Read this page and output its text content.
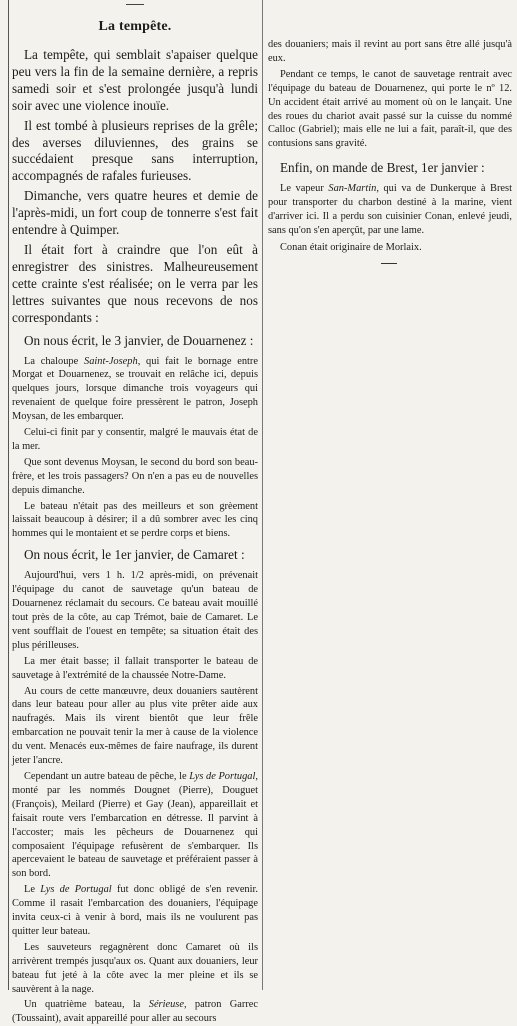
La tempête.

La tempête, qui semblait s'apaiser quelque peu vers la fin de la semaine dernière, a repris samedi soir et s'est prolongée jusqu'à lundi soir avec une violence inouïe.

Il est tombé à plusieurs reprises de la grêle; des averses diluviennes, des grains se succédaient presque sans interruption, accompagnés de rafales furieuses.

Dimanche, vers quatre heures et demie de l'après-midi, un fort coup de tonnerre s'est fait entendre à Quimper.

Il était fort à craindre que l'on eût à enregistrer des sinistres. Malheureusement cette crainte s'est réalisée; on le verra par les lettres suivantes que nous recevons de nos correspondants :

On nous écrit, le 3 janvier, de Douarnenez :

La chaloupe Saint-Joseph, qui fait le bornage entre Morgat et Douarnenez, se trouvait en relâche ici, depuis quelques jours, lorsque dimanche trois voyageurs qui revenaient de quelque foire pressèrent le patron, Joseph Moysan, de les embarquer.

Celui-ci finit par y consentir, malgré le mauvais état de la mer.

Que sont devenus Moysan, le second du bord son beau-frère, et les trois passagers? On n'en a pas eu de nouvelles depuis dimanche.

Le bateau n'était pas des meilleurs et son grèement laissait beaucoup à désirer; il a dû sombrer avec les cinq hommes qui le montaient et se perdre corps et biens.

On nous écrit, le 1er janvier, de Camaret :

Aujourd'hui, vers 1 h. 1/2 après-midi, on prévenait l'équipage du canot de sauvetage qu'un bateau de Douarnenez réclamait du secours. Ce bateau avait mouillé tout près de la côte, au cap Trémot, baie de Camaret. Le vent soufflait de l'ouest en tempête; sa situation était des plus périlleuses.

La mer était basse; il fallait transporter le bateau de sauvetage à l'extrémité de la chaussée Notre-Dame.

Au cours de cette manœuvre, deux douaniers sautèrent dans leur bateau pour aller au plus vite prêter aide aux naufragés. Mais ils virent bientôt que leur frêle embarcation ne pouvait tenir la mer à cause de la violence du vent. Menacés eux-mêmes de faire naufrage, ils durent jeter l'ancre.

Cependant un autre bateau de pêche, le Lys de Portugal, monté par les nommés Dougnet (Pierre), Douguet (François), Meilard (Pierre) et Gay (Jean), appareillait et faisait route vers l'embarcation en détresse. Il parvint à l'accoster; mais les pêcheurs de Douarnenez qui composaient l'équipage refusèrent de s'embarquer. Ils apercevaient le bateau de sauvetage et préféraient passer à son bord.

Le Lys de Portugal fut donc obligé de s'en revenir. Comme il rasait l'embarcation des douaniers, l'équipage invita ceux-ci à venir à bord, mais ils ne voulurent pas quitter leur bateau.

Les sauveteurs regagnèrent donc Camaret où ils arrivèrent trempés jusqu'aux os. Quant aux douaniers, leur bateau fut jeté à la côte avec la mer pleine et ils se sauvèrent à la nage.

Un quatrième bateau, la Sérieuse, patron Garrec (Toussaint), avait appareillé pour aller au secours

des douaniers; mais il revint au port sans être allé jusqu'à eux.

Pendant ce temps, le canot de sauvetage rentrait avec l'équipage du bateau de Douarnenez, qui porte le nº 12. Un accident était arrivé au moment où on le lançait. Une des roues du chariot avait passé sur la cuisse du nommé Calloc (Gabriel); mais elle ne lui a fait, paraît-il, que des contusions sans gravité.

Enfin, on mande de Brest, 1er janvier :

Le vapeur San-Martin, qui va de Dunkerque à Brest pour transporter du charbon destiné à la marine, vient d'arriver ici. Il a perdu son cuisinier Conan, enlevé jeudi, sans qu'on s'en aperçût, par une lame.

Conan était originaire de Morlaix.
